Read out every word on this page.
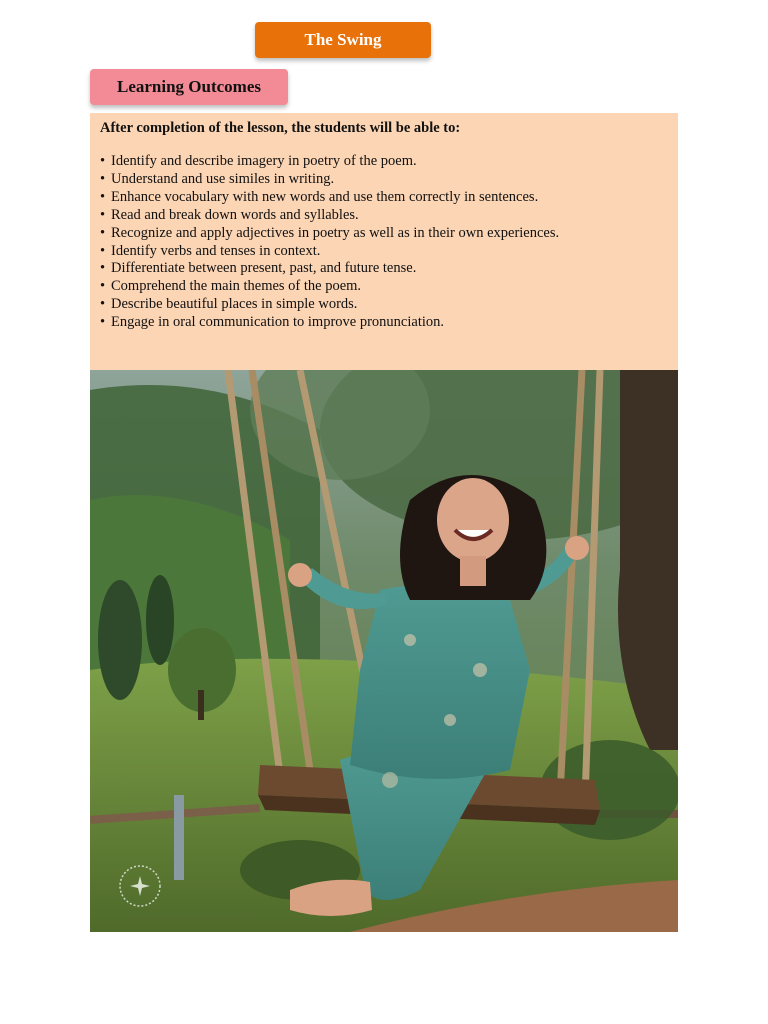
The Swing
Learning Outcomes

After completion of the lesson, the students will be able to:

• Identify and describe imagery in poetry of the poem.
• Understand and use similes in writing.
• Enhance vocabulary with new words and use them correctly in sentences.
• Read and break down words and syllables.
• Recognize and apply adjectives in poetry as well as in their own experiences.
• Identify verbs and tenses in context.
• Differentiate between present, past, and future tense.
• Comprehend the main themes of the poem.
• Describe beautiful places in simple words.
• Engage in oral communication to improve pronunciation.
